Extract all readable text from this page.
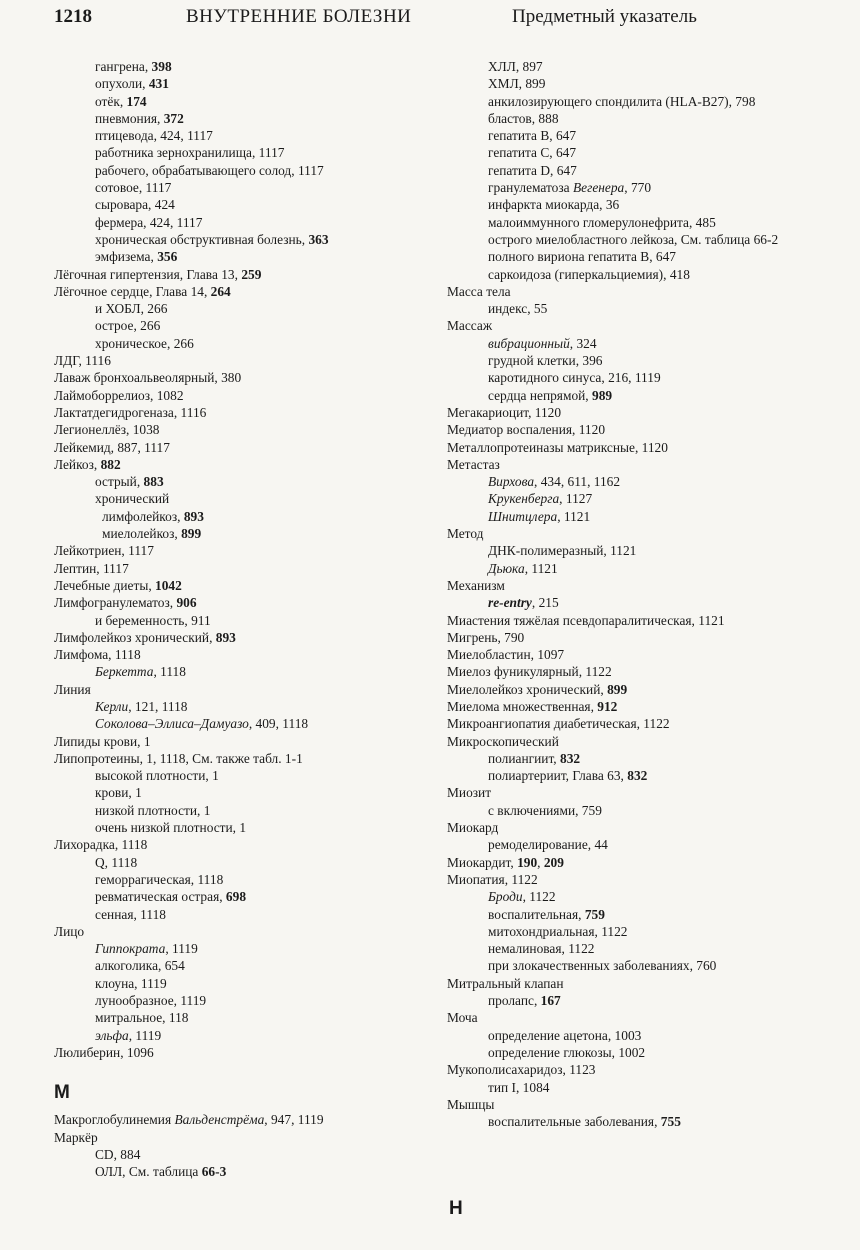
1218	ВНУТРЕННИЕ БОЛЕЗНИ	Предметный указатель
гангрена, 398
опухоли, 431
отёк, 174
пневмония, 372
птицевода, 424, 1117
работника зернохранилища, 1117
рабочего, обрабатывающего солод, 1117
сотовое, 1117
сыровара, 424
фермера, 424, 1117
хроническая обструктивная болезнь, 363
эмфизема, 356
Лёгочная гипертензия, Глава 13, 259
Лёгочное сердце, Глава 14, 264
и ХОБЛ, 266
острое, 266
хроническое, 266
ЛДГ, 1116
Лаваж бронхоальвеолярный, 380
Лаймоборрелиоз, 1082
Лактатдегидрогеназа, 1116
Легионеллёз, 1038
Лейкемид, 887, 1117
Лейкоз, 882
острый, 883
хронический
лимфолейкоз, 893
миелолейкоз, 899
Лейкотриен, 1117
Лептин, 1117
Лечебные диеты, 1042
Лимфогранулематоз, 906
и беременность, 911
Лимфолейкоз хронический, 893
Лимфома, 1118
Беркетта, 1118
Линия
Керли, 121, 1118
Соколова–Эллиса–Дамуазо, 409, 1118
Липиды крови, 1
Липопротеины, 1, 1118, См. также табл. 1-1
высокой плотности, 1
крови, 1
низкой плотности, 1
очень низкой плотности, 1
Лихорадка, 1118
Q, 1118
геморрагическая, 1118
ревматическая острая, 698
сенная, 1118
Лицо
Гиппократа, 1119
алкоголика, 654
клоуна, 1119
лунообразное, 1119
митральное, 118
эльфа, 1119
Люлиберин, 1096
М
Макроглобулинемия Вальденстрёма, 947, 1119
Маркёр
CD, 884
ОЛЛ, См. таблица 66-3
ХЛЛ, 897
ХМЛ, 899
анкилозирующего спондилита (HLA-B27), 798
бластов, 888
гепатита B, 647
гепатита C, 647
гепатита D, 647
гранулематоза Вегенера, 770
инфаркта миокарда, 36
малоиммунного гломерулонефрита, 485
острого миелобластного лейкоза, См. таблица 66-2
полного вириона гепатита B, 647
саркоидоза (гиперкальциемия), 418
Масса тела
индекс, 55
Массаж
вибрационный, 324
грудной клетки, 396
каротидного синуса, 216, 1119
сердца непрямой, 989
Мегакариоцит, 1120
Медиатор воспаления, 1120
Металлопротеиназы матриксные, 1120
Метастаз
Вирхова, 434, 611, 1162
Крукенберга, 1127
Шнитцлера, 1121
Метод
ДНК-полимеразный, 1121
Дьюка, 1121
Механизм
re-entry, 215
Миастения тяжёлая псевдопаралитическая, 1121
Мигрень, 790
Миелобластин, 1097
Миелоз фуникулярный, 1122
Миелолейкоз хронический, 899
Миелома множественная, 912
Микроангиопатия диабетическая, 1122
Микроскопический
полиангиит, 832
полиартериит, Глава 63, 832
Миозит
с включениями, 759
Миокард
ремоделирование, 44
Миокардит, 190, 209
Миопатия, 1122
Броди, 1122
воспалительная, 759
митохондриальная, 1122
немалиновая, 1122
при злокачественных заболеваниях, 760
Митральный клапан
пролапс, 167
Моча
определение ацетона, 1003
определение глюкозы, 1002
Мукополисахаридоз, 1123
тип I, 1084
Мышцы
воспалительные заболевания, 755
Н
